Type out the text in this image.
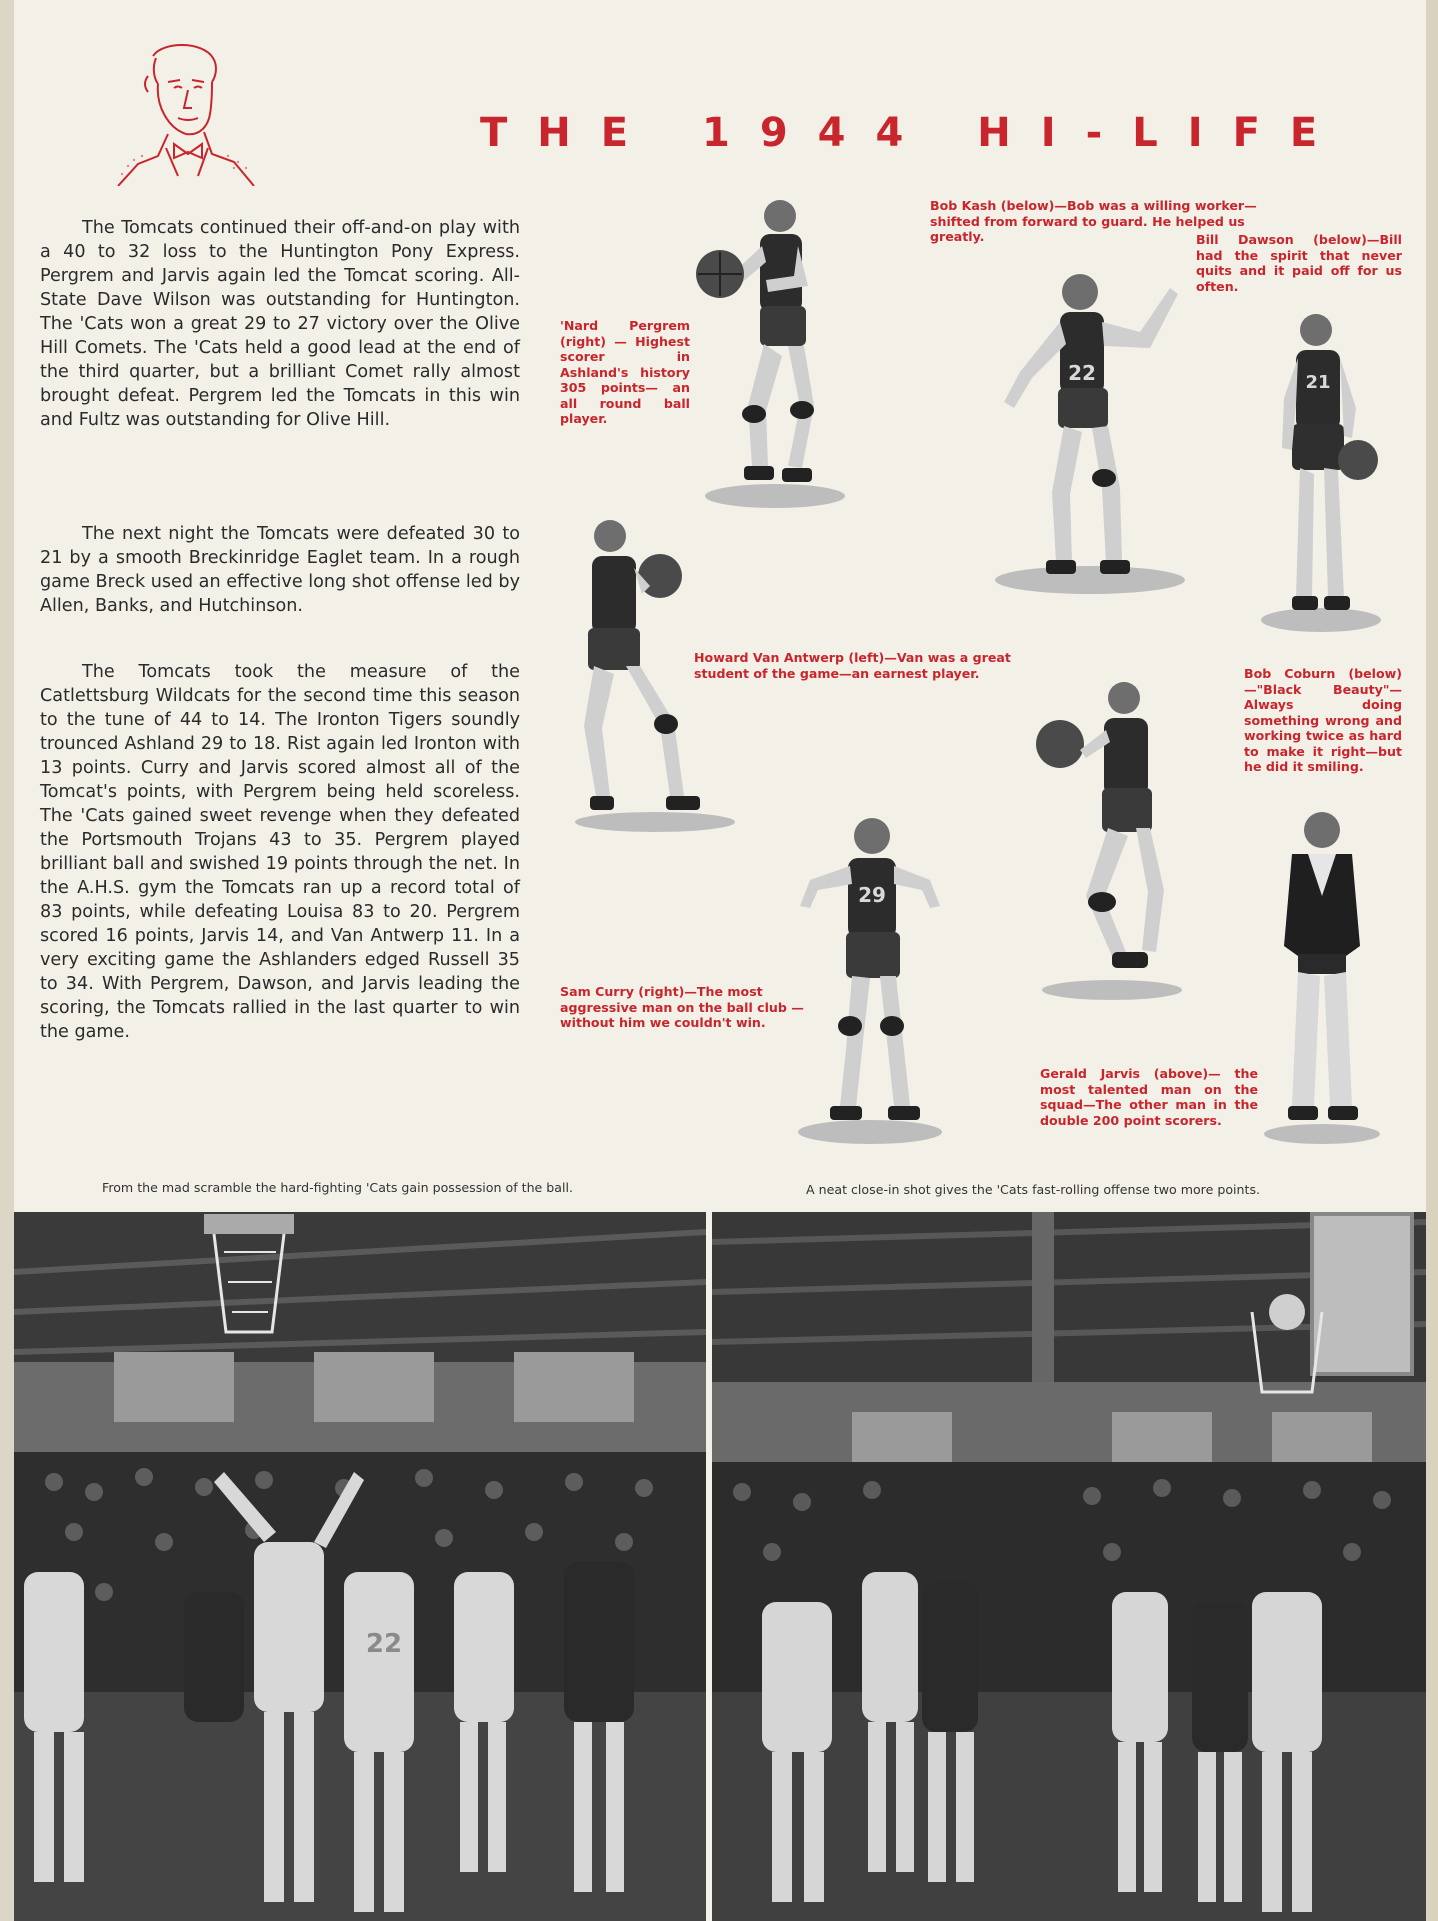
THE 1944 HI-LIFE

The Tomcats continued their off-and-on play with a 40 to 32 loss to the Huntington Pony Express. Pergrem and Jarvis again led the Tomcat scoring. All-State Dave Wilson was outstanding for Huntington. The 'Cats won a great 29 to 27 victory over the Olive Hill Comets. The 'Cats held a good lead at the end of the third quarter, but a brilliant Comet rally almost brought defeat. Pergrem led the Tomcats in this win and Fultz was outstanding for Olive Hill.

The next night the Tomcats were defeated 30 to 21 by a smooth Breckinridge Eaglet team. In a rough game Breck used an effective long shot offense led by Allen, Banks, and Hutchinson.

The Tomcats took the measure of the Catlettsburg Wildcats for the second time this season to the tune of 44 to 14. The Ironton Tigers soundly trounced Ashland 29 to 18. Rist again led Ironton with 13 points. Curry and Jarvis scored almost all of the Tomcat's points, with Pergrem being held scoreless. The 'Cats gained sweet revenge when they defeated the Portsmouth Trojans 43 to 35. Pergrem played brilliant ball and swished 19 points through the net. In the A.H.S. gym the Tomcats ran up a record total of 83 points, while defeating Louisa 83 to 20. Pergrem scored 16 points, Jarvis 14, and Van Antwerp 11. In a very exciting game the Ashlanders edged Russell 35 to 34. With Pergrem, Dawson, and Jarvis leading the scoring, the Tomcats rallied in the last quarter to win the game.

22	21
29
'Nard Pergrem (right) — Highest scorer in Ashland's history 305 points— an all round ball player.
Bob Kash (below)—Bob was a willing worker—shifted from forward to guard. He helped us greatly.	Bill Dawson (below)—Bill had the spirit that never quits and it paid off for us often.
Howard Van Antwerp (left)—Van was a great student of the game—an earnest player.	Bob Coburn (below) —"Black Beauty"— Always doing something wrong and working twice as hard to make it right—but he did it smiling.
Sam Curry (right)—The most aggressive man on the ball club —without him we couldn't win.
Gerald Jarvis (above)— the most talented man on the squad—The other man in the double 200 point scorers.
From the mad scramble the hard-fighting 'Cats gain possession of the ball.	A neat close-in shot gives the 'Cats fast-rolling offense two more points.
22
